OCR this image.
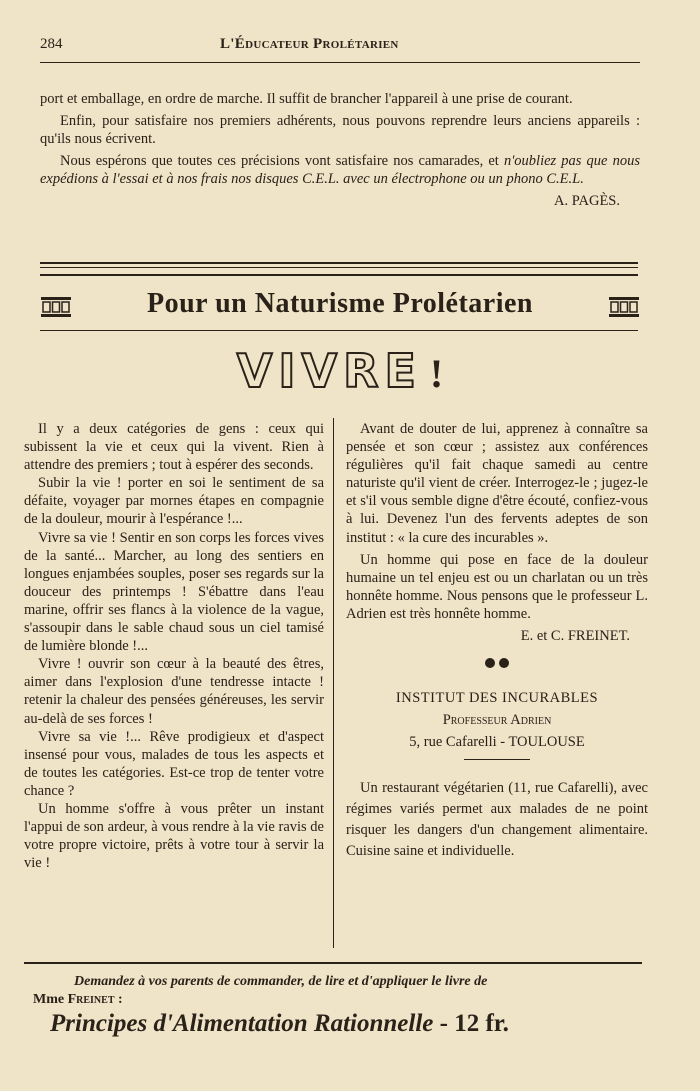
284	L'Éducateur Prolétarien

port et emballage, en ordre de marche. Il suffit de brancher l'appareil à une prise de courant.

Enfin, pour satisfaire nos premiers adhérents, nous pouvons reprendre leurs anciens appareils : qu'ils nous écrivent.

Nous espérons que toutes ces précisions vont satisfaire nos camarades, et n'oubliez pas que nous expédions à l'essai et à nos frais nos disques C.E.L. avec un électrophone ou un phono C.E.L.

A. PAGÈS.

Pour un Naturisme Prolétarien
VIVRE !

Il y a deux catégories de gens : ceux qui subissent la vie et ceux qui la vivent. Rien à attendre des premiers ; tout à espérer des seconds.

Subir la vie ! porter en soi le sentiment de sa défaite, voyager par mornes étapes en compagnie de la douleur, mourir à l'espérance !...

Vivre sa vie ! Sentir en son corps les forces vives de la santé... Marcher, au long des sentiers en longues enjambées souples, poser ses regards sur la douceur des printemps ! S'ébattre dans l'eau marine, offrir ses flancs à la violence de la vague, s'assoupir dans le sable chaud sous un ciel tamisé de lumière blonde !...

Vivre ! ouvrir son cœur à la beauté des êtres, aimer dans l'explosion d'une tendresse intacte ! retenir la chaleur des pensées généreuses, les servir au-delà de ses forces !

Vivre sa vie !... Rêve prodigieux et d'aspect insensé pour vous, malades de tous les aspects et de toutes les catégories. Est-ce trop de tenter votre chance ?

Un homme s'offre à vous prêter un instant l'appui de son ardeur, à vous rendre à la vie ravis de votre propre victoire, prêts à votre tour à servir la vie !

Avant de douter de lui, apprenez à connaître sa pensée et son cœur ; assistez aux conférences régulières qu'il fait chaque samedi au centre naturiste qu'il vient de créer. Interrogez-le ; jugez-le et s'il vous semble digne d'être écouté, confiez-vous à lui. Devenez l'un des fervents adeptes de son institut : « la cure des incurables ».

Un homme qui pose en face de la douleur humaine un tel enjeu est ou un charlatan ou un très honnête homme. Nous pensons que le professeur L. Adrien est très honnête homme.

E. et C. FREINET.

INSTITUT DES INCURABLES
Professeur Adrien
5, rue Cafarelli - TOULOUSE

Un restaurant végétarien (11, rue Cafarelli), avec régimes variés permet aux malades de ne point risquer les dangers d'un changement alimentaire. Cuisine saine et individuelle.

Demandez à vos parents de commander, de lire et d'appliquer le livre de
Mme Freinet :
Principes d'Alimentation Rationnelle - 12 fr.
